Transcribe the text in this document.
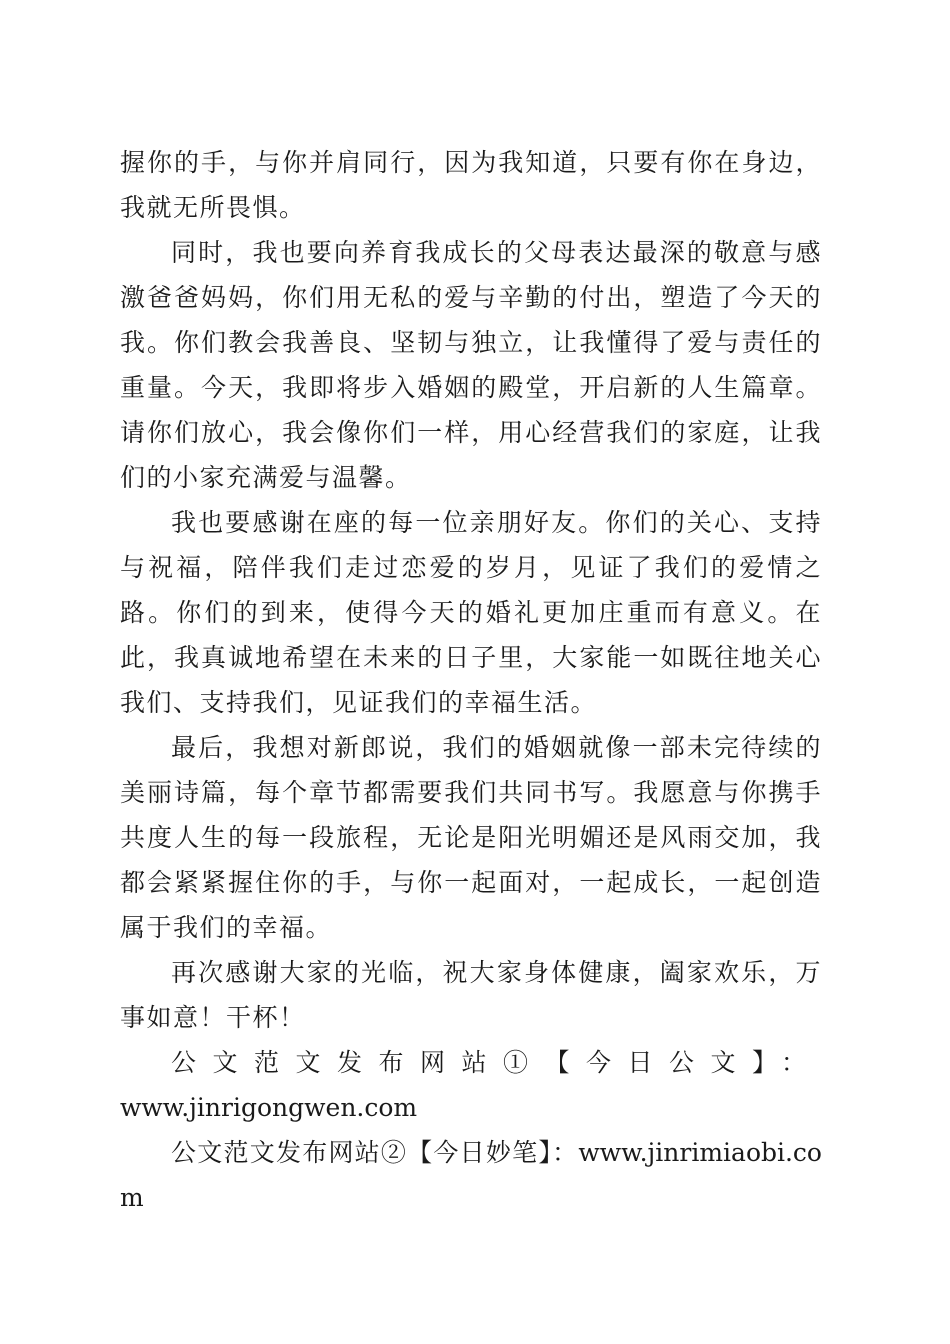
握你的手，与你并肩同行，因为我知道，只要有你在身边，我就无所畏惧。

同时，我也要向养育我成长的父母表达最深的敬意与感激爸爸妈妈，你们用无私的爱与辛勤的付出，塑造了今天的我。你们教会我善良、坚韧与独立，让我懂得了爱与责任的重量。今天，我即将步入婚姻的殿堂，开启新的人生篇章。请你们放心，我会像你们一样，用心经营我们的家庭，让我们的小家充满爱与温馨。

我也要感谢在座的每一位亲朋好友。你们的关心、支持与祝福，陪伴我们走过恋爱的岁月，见证了我们的爱情之路。你们的到来，使得今天的婚礼更加庄重而有意义。在此，我真诚地希望在未来的日子里，大家能一如既往地关心我们、支持我们，见证我们的幸福生活。

最后，我想对新郎说，我们的婚姻就像一部未完待续的美丽诗篇，每个章节都需要我们共同书写。我愿意与你携手共度人生的每一段旅程，无论是阳光明媚还是风雨交加，我都会紧紧握住你的手，与你一起面对，一起成长，一起创造属于我们的幸福。

再次感谢大家的光临，祝大家身体健康，阖家欢乐，万事如意！干杯！

公文范文发布网站①【今日公文】： www.jinrigongwen.com

公文范文发布网站②【今日妙笔】：www.jinrimiaobi.com
